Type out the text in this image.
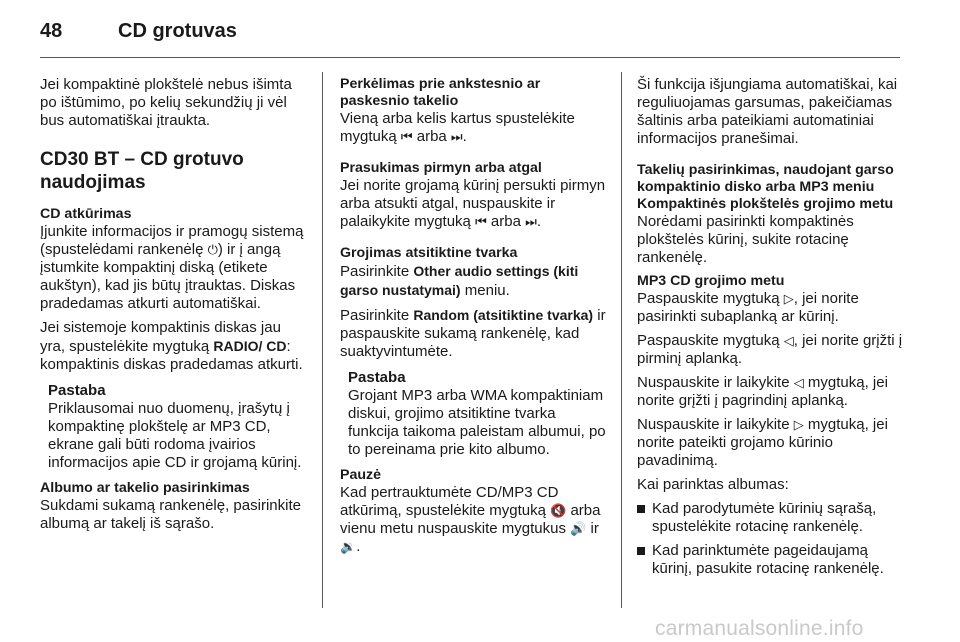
48	CD grotuvas

Jei kompaktinė plokštelė nebus išimta po ištūmimo, po kelių sekundžių ji vėl bus automatiškai įtraukta.

CD30 BT – CD grotuvo naudojimas
CD atkūrimas

Įjunkite informacijos ir pramogų sistemą (spustelėdami rankenėlę ⏻) ir į angą įstumkite kompaktinį diską (etikete aukštyn), kad jis būtų įtrauktas. Diskas pradedamas atkurti automatiškai.

Jei sistemoje kompaktinis diskas jau yra, spustelėkite mygtuką RADIO/ CD: kompaktinis diskas pradedamas atkurti.

Pastaba
Priklausomai nuo duomenų, įrašytų į kompaktinę plokštelę ar MP3 CD, ekrane gali būti rodoma įvairios informacijos apie CD ir grojamą kūrinį.
Albumo ar takelio pasirinkimas

Sukdami sukamą rankenėlę, pasirinkite albumą ar takelį iš sąrašo.

Perkėlimas prie ankstesnio ar paskesnio takelio

Vieną arba kelis kartus spustelėkite mygtuką ⏮ arba ⏭.

Prasukimas pirmyn arba atgal

Jei norite grojamą kūrinį persukti pirmyn arba atsukti atgal, nuspauskite ir palaikykite mygtuką ⏮ arba ⏭.

Grojimas atsitiktine tvarka

Pasirinkite Other audio settings (kiti garso nustatymai) meniu.

Pasirinkite Random (atsitiktine tvarka) ir paspauskite sukamą rankenėlę, kad suaktyvintumėte.

Pastaba
Grojant MP3 arba WMA kompaktiniam diskui, grojimo atsitiktine tvarka funkcija taikoma paleistam albumui, po to pereinama prie kito albumo.
Pauzė

Kad pertrauktumėte CD/MP3 CD atkūrimą, spustelėkite mygtuką 🔇 arba vienu metu nuspauskite mygtukus 🔊 ir 🔉.

Ši funkcija išjungiama automatiškai, kai reguliuojamas garsumas, pakeičiamas šaltinis arba pateikiami automatiniai informacijos pranešimai.

Takelių pasirinkimas, naudojant garso kompaktinio disko arba MP3 meniu
Kompaktinės plokštelės grojimo metu

Norėdami pasirinkti kompaktinės plokštelės kūrinį, sukite rotacinę rankenėlę.

MP3 CD grojimo metu

Paspauskite mygtuką ▷, jei norite pasirinkti subaplanką ar kūrinį.

Paspauskite mygtuką ◁, jei norite grįžti į pirminį aplanką.

Nuspauskite ir laikykite ◁ mygtuką, jei norite grįžti į pagrindinį aplanką.

Nuspauskite ir laikykite ▷ mygtuką, jei norite pateikti grojamo kūrinio pavadinimą.

Kai parinktas albumas:

Kad parodytumėte kūrinių sąrašą, spustelėkite rotacinę rankenėlę.
Kad parinktumėte pageidaujamą kūrinį, pasukite rotacinę rankenėlę.
carmanualsonline.info
